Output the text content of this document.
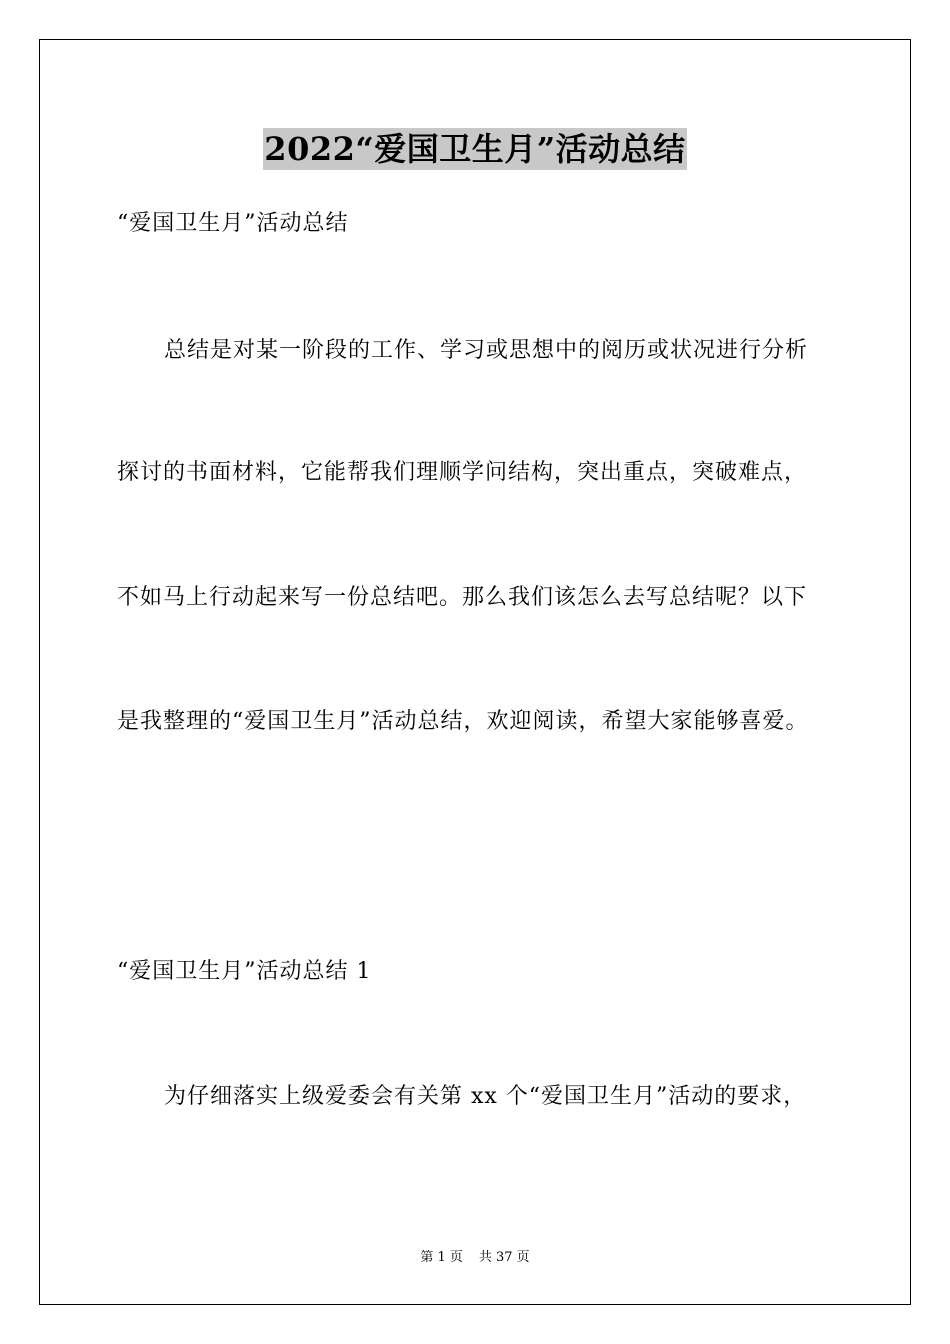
2022“爱国卫生月”活动总结
“爱国卫生月”活动总结
总结是对某一阶段的工作、学习或思想中的阅历或状况进行分析
探讨的书面材料，它能帮我们理顺学问结构，突出重点，突破难点，
不如马上行动起来写一份总结吧。那么我们该怎么去写总结呢？以下
是我整理的“爱国卫生月”活动总结，欢迎阅读，希望大家能够喜爱。
“爱国卫生月”活动总结 1
为仔细落实上级爱委会有关第 xx 个“爱国卫生月”活动的要求，
第 1 页 共 37 页
